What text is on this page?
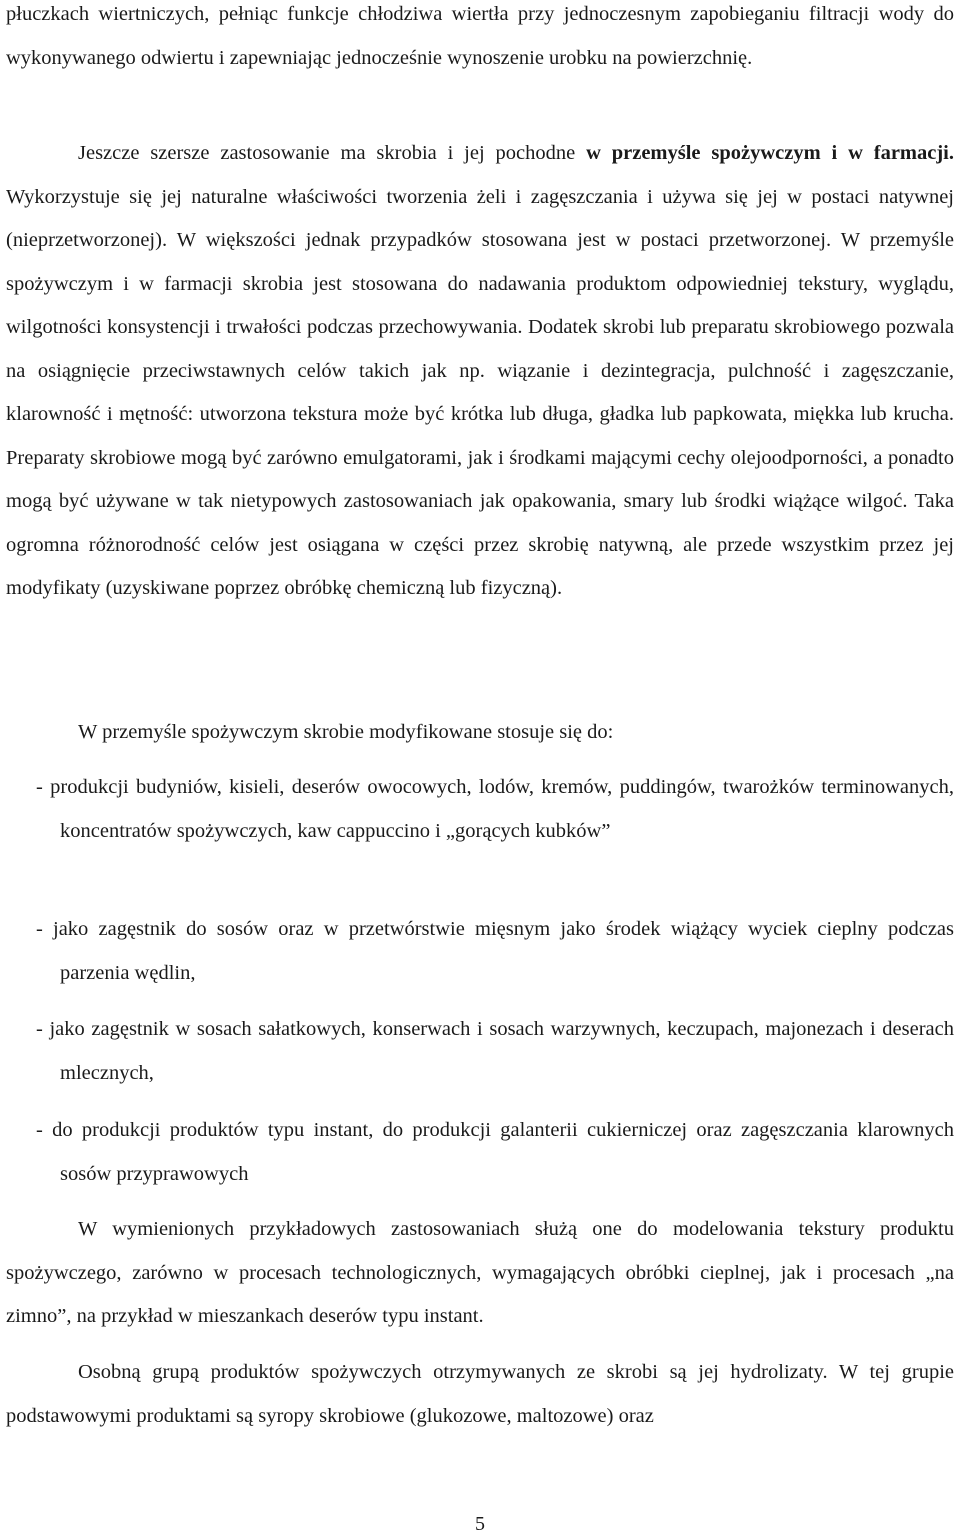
płuczkach wiertniczych, pełniąc funkcje chłodziwa wiertła przy jednoczesnym zapobieganiu filtracji wody do wykonywanego odwiertu i zapewniając jednocześnie wynoszenie urobku na powierzchnię.

Jeszcze szersze zastosowanie ma skrobia i jej pochodne w przemyśle spożywczym i w farmacji. Wykorzystuje się jej naturalne właściwości tworzenia żeli i zagęszczania i używa się jej w postaci natywnej (nieprzetworzonej). W większości jednak przypadków stosowana jest w postaci przetworzonej. W przemyśle spożywczym i w farmacji skrobia jest stosowana do nadawania produktom odpowiedniej tekstury, wyglądu, wilgotności konsystencji i trwałości podczas przechowywania. Dodatek skrobi lub preparatu skrobiowego pozwala na osiągnięcie przeciwstawnych celów takich jak np. wiązanie i dezintegracja, pulchność i zagęszczanie, klarowność i mętność: utworzona tekstura może być krótka lub długa, gładka lub papkowata, miękka lub krucha. Preparaty skrobiowe mogą być zarówno emulgatorami, jak i środkami mającymi cechy olejoodporności, a ponadto mogą być używane w tak nietypowych zastosowaniach jak opakowania, smary lub środki wiążące wilgoć. Taka ogromna różnorodność celów jest osiągana w części przez skrobię natywną, ale przede wszystkim przez jej modyfikaty (uzyskiwane poprzez obróbkę chemiczną lub fizyczną).

W przemyśle spożywczym skrobie modyfikowane stosuje się do:

- produkcji budyniów, kisieli, deserów owocowych, lodów, kremów, puddingów, twarożków terminowanych, koncentratów spożywczych, kaw cappuccino i „gorących kubków”

- jako zagęstnik do sosów oraz w przetwórstwie mięsnym jako środek wiążący wyciek cieplny podczas parzenia wędlin,

- jako zagęstnik w sosach sałatkowych, konserwach i sosach warzywnych, keczupach, majonezach i deserach mlecznych,

- do produkcji produktów typu instant, do produkcji galanterii cukierniczej oraz zagęszczania klarownych sosów przyprawowych

W wymienionych przykładowych zastosowaniach służą one do modelowania tekstury produktu spożywczego, zarówno w procesach technologicznych, wymagających obróbki cieplnej, jak i procesach „na zimno”, na przykład w mieszankach deserów typu instant.

Osobną grupą produktów spożywczych otrzymywanych ze skrobi są jej hydrolizaty. W tej grupie podstawowymi produktami są syropy skrobiowe (glukozowe, maltozowe) oraz

5
